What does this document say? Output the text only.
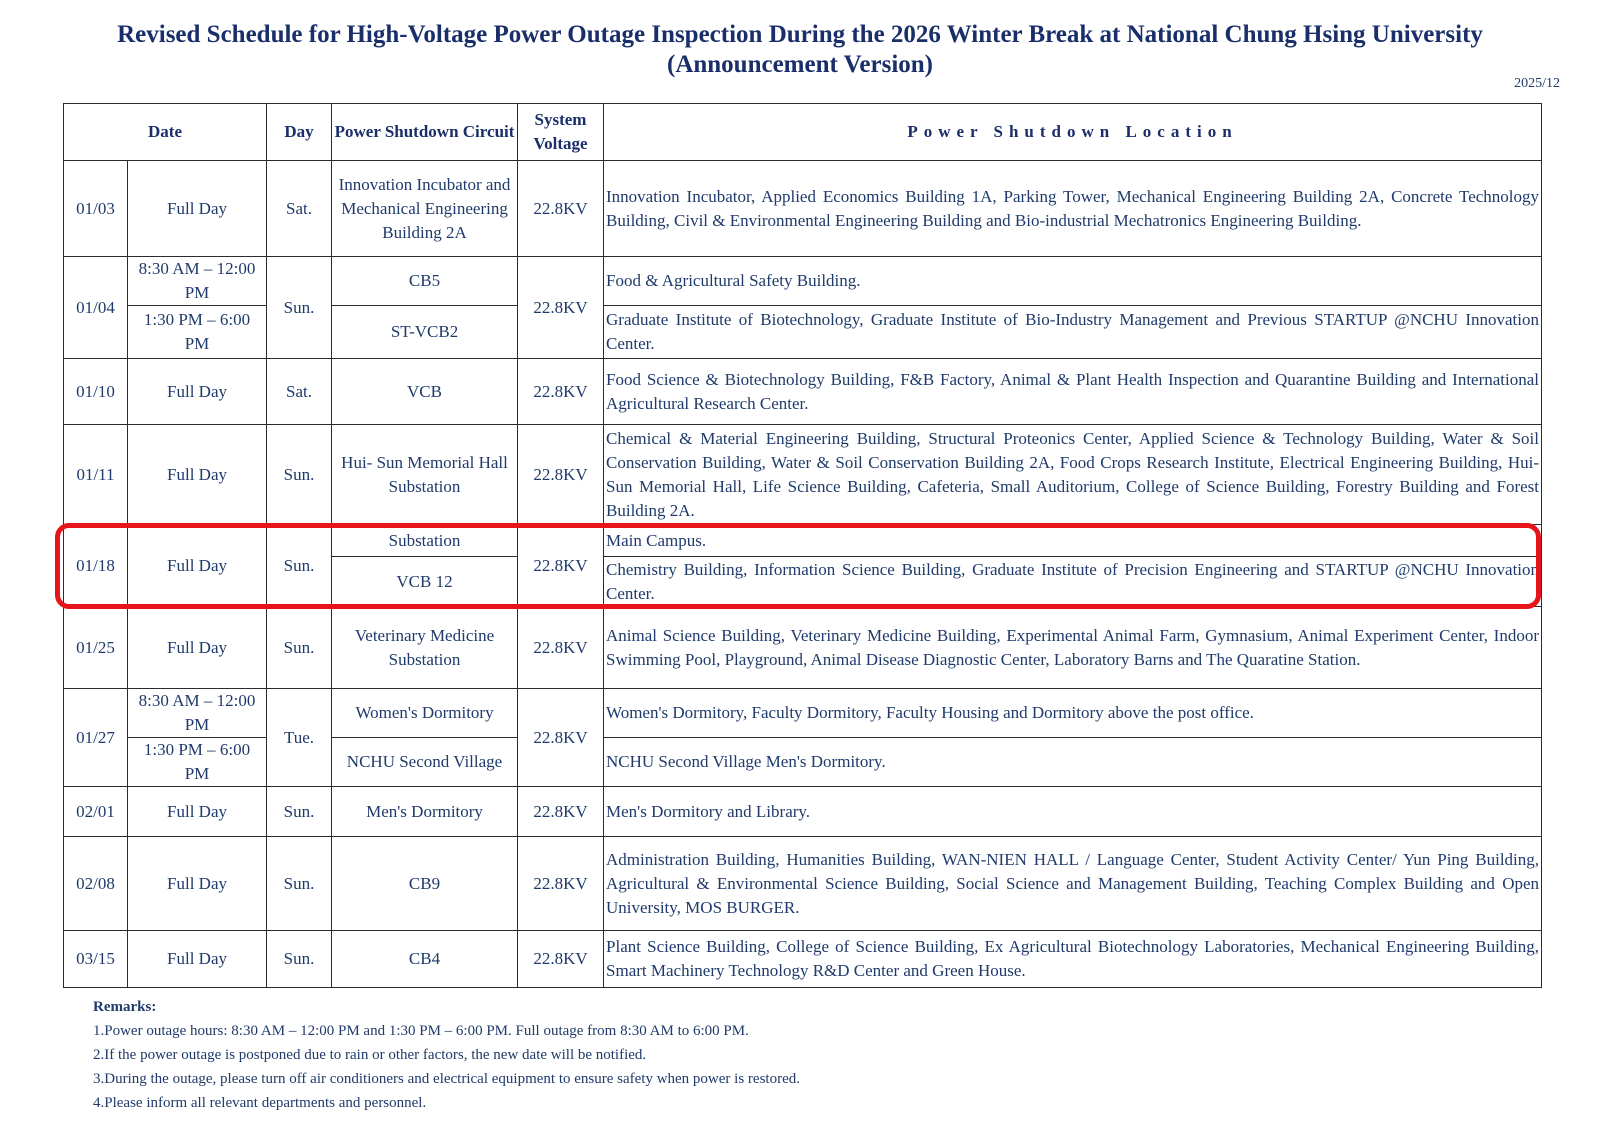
Revised Schedule for High-Voltage Power Outage Inspection During the 2026 Winter Break at National Chung Hsing University
(Announcement Version)
2025/12
Date		Day	Power Shutdown Circuit	System Voltage	Power Shutdown Location
01/03	Full Day	Sat.	Innovation Incubator and Mechanical Engineering Building 2A	22.8KV	Innovation Incubator, Applied Economics Building 1A, Parking Tower, Mechanical Engineering Building 2A, Concrete Technology Building, Civil & Environmental Engineering Building and Bio-industrial Mechatronics Engineering Building.
01/04	8:30 AM – 12:00 PM	Sun.	CB5	22.8KV	Food & Agricultural Safety Building.
	1:30 PM – 6:00 PM		ST-VCB2		Graduate Institute of Biotechnology, Graduate Institute of Bio-Industry Management and Previous STARTUP @NCHU Innovation Center.
01/10	Full Day	Sat.	VCB	22.8KV	Food Science & Biotechnology Building, F&B Factory, Animal & Plant Health Inspection and Quarantine Building and International Agricultural Research Center.
01/11	Full Day	Sun.	Hui- Sun Memorial Hall Substation	22.8KV	Chemical & Material Engineering Building, Structural Proteonics Center, Applied Science & Technology Building, Water & Soil Conservation Building, Water & Soil Conservation Building 2A, Food Crops Research Institute, Electrical Engineering Building, Hui-Sun Memorial Hall, Life Science Building, Cafeteria, Small Auditorium, College of Science Building, Forestry Building and Forest Building 2A.
01/18	Full Day	Sun.	Substation	22.8KV	Main Campus.
			VCB 12		Chemistry Building, Information Science Building, Graduate Institute of Precision Engineering and STARTUP @NCHU Innovation Center.
01/25	Full Day	Sun.	Veterinary Medicine Substation	22.8KV	Animal Science Building, Veterinary Medicine Building, Experimental Animal Farm, Gymnasium, Animal Experiment Center, Indoor Swimming Pool, Playground, Animal Disease Diagnostic Center, Laboratory Barns and The Quaratine Station.
01/27	8:30 AM – 12:00 PM	Tue.	Women's Dormitory	22.8KV	Women's Dormitory, Faculty Dormitory, Faculty Housing and Dormitory above the post office.
	1:30 PM – 6:00 PM		NCHU Second Village		NCHU Second Village Men's Dormitory.
02/01	Full Day	Sun.	Men's Dormitory	22.8KV	Men's Dormitory and Library.
02/08	Full Day	Sun.	CB9	22.8KV	Administration Building, Humanities Building, WAN-NIEN HALL / Language Center, Student Activity Center/ Yun Ping Building, Agricultural & Environmental Science Building, Social Science and Management Building, Teaching Complex Building and Open University, MOS BURGER.
03/15	Full Day	Sun.	CB4	22.8KV	Plant Science Building, College of Science Building, Ex Agricultural Biotechnology Laboratories, Mechanical Engineering Building, Smart Machinery Technology R&D Center and Green House.
Remarks:
1.Power outage hours: 8:30 AM – 12:00 PM and 1:30 PM – 6:00 PM. Full outage from 8:30 AM to 6:00 PM.
2.If the power outage is postponed due to rain or other factors, the new date will be notified.
3.During the outage, please turn off air conditioners and electrical equipment to ensure safety when power is restored.
4.Please inform all relevant departments and personnel.
